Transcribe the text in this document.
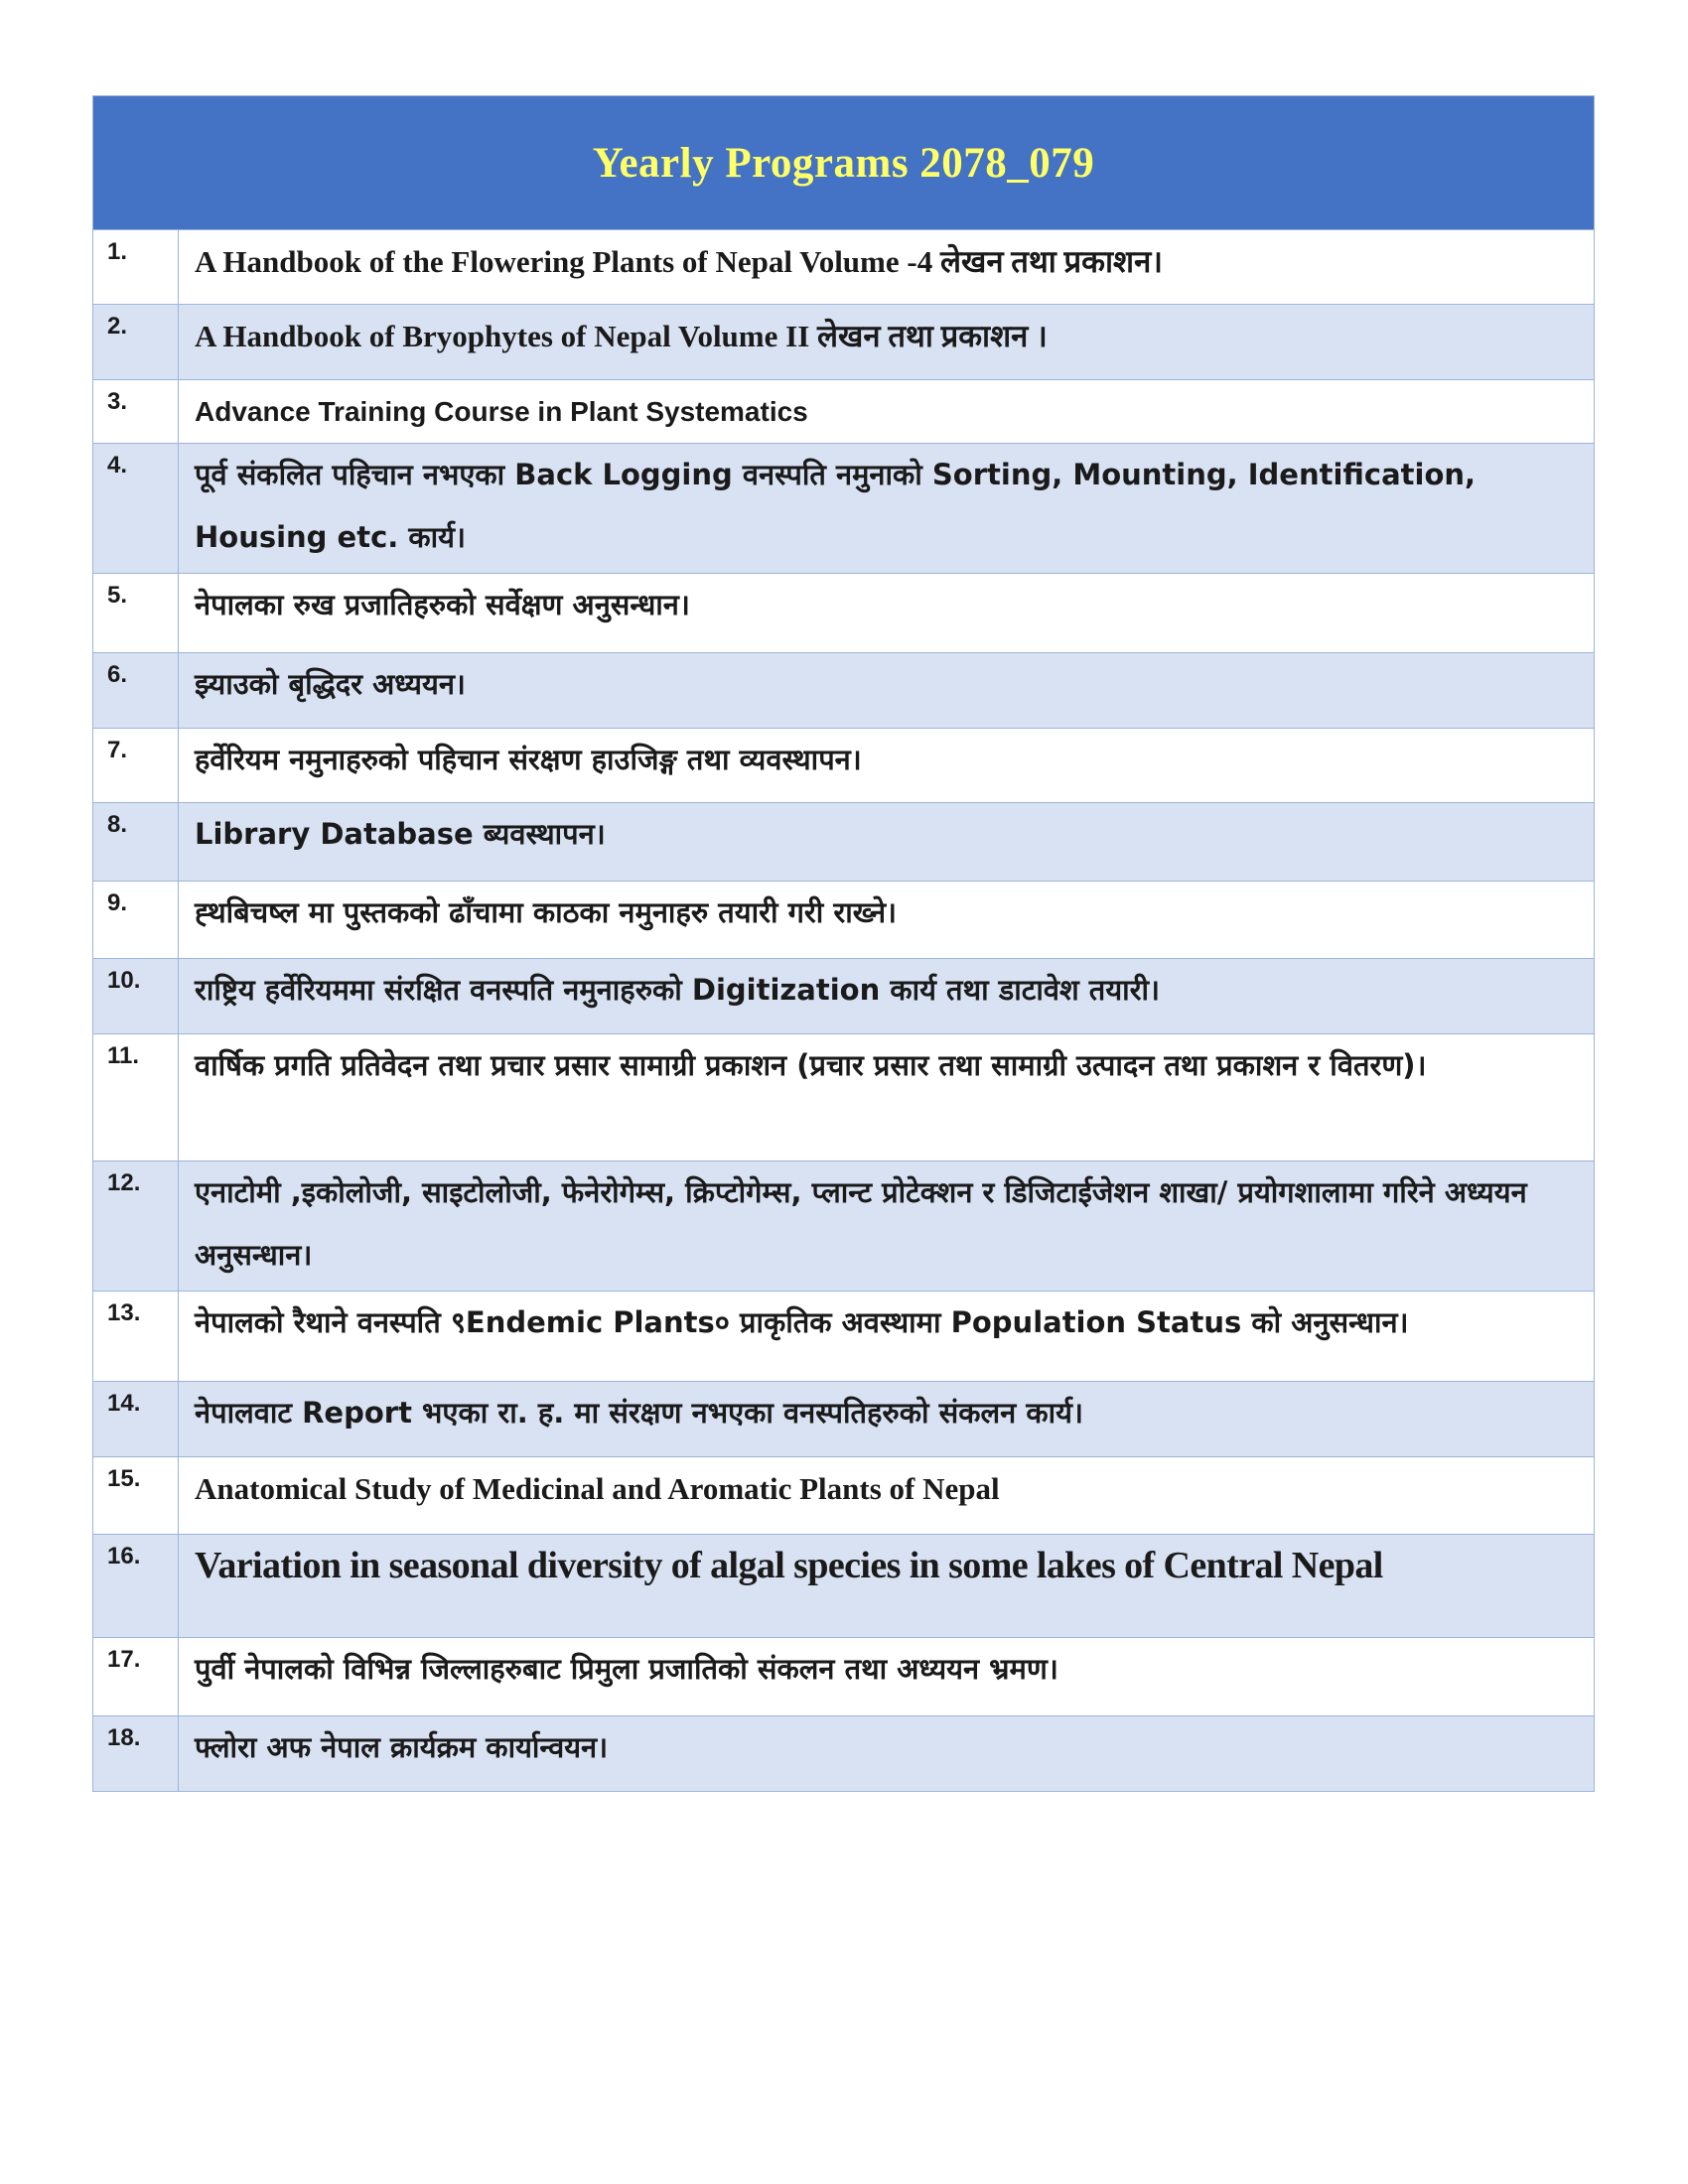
Yearly Programs 2078_079	
1.	A Handbook of the Flowering Plants of Nepal Volume -4 लेखन तथा प्रकाशन।
2.	A Handbook of Bryophytes of Nepal Volume II लेखन तथा प्रकाशन ।
3.	Advance Training Course in Plant Systematics
4.	पूर्व संकलित पहिचान नभएका Back Logging वनस्पति नमुनाको Sorting, Mounting, Identification, Housing etc. कार्य।
5.	नेपालका रुख प्रजातिहरुको सर्वेक्षण अनुसन्धान।
6.	झ्याउको बृद्धिदर अध्ययन।
7.	हर्वेरियम नमुनाहरुको पहिचान संरक्षण हाउजिङ्ग तथा व्यवस्थापन।
8.	Library Database ब्यवस्थापन।
9.	ह्थबिचष्ल मा पुस्तकको ढाँचामा काठका नमुनाहरु तयारी गरी राख्ने।
10.	राष्ट्रिय हर्वेरियममा संरक्षित वनस्पति नमुनाहरुको Digitization कार्य तथा डाटावेश तयारी।
11.	वार्षिक प्रगति प्रतिवेदन तथा प्रचार प्रसार सामाग्री प्रकाशन (प्रचार प्रसार तथा सामाग्री उत्पादन तथा प्रकाशन र वितरण)।
12.	एनाटोमी ,इकोलोजी, साइटोलोजी, फेनेरोगेम्स, क्रिप्टोगेम्स, प्लान्ट प्रोटेक्शन र डिजिटाईजेशन शाखा/ प्रयोगशालामा गरिने अध्ययन अनुसन्धान।
13.	नेपालको रैथाने वनस्पति ९Endemic Plants० प्राकृतिक अवस्थामा Population Status को अनुसन्धान।
14.	नेपालवाट Report भएका रा. ह. मा संरक्षण नभएका वनस्पतिहरुको संकलन कार्य।
15.	Anatomical Study of Medicinal and Aromatic Plants of Nepal
16.	Variation in seasonal diversity of algal species in some lakes of Central Nepal
17.	पुर्वी नेपालको विभिन्न जिल्लाहरुबाट प्रिमुला प्रजातिको संकलन तथा अध्ययन भ्रमण।
18.	फ्लोरा अफ नेपाल क्रार्यक्रम कार्यान्वयन।
